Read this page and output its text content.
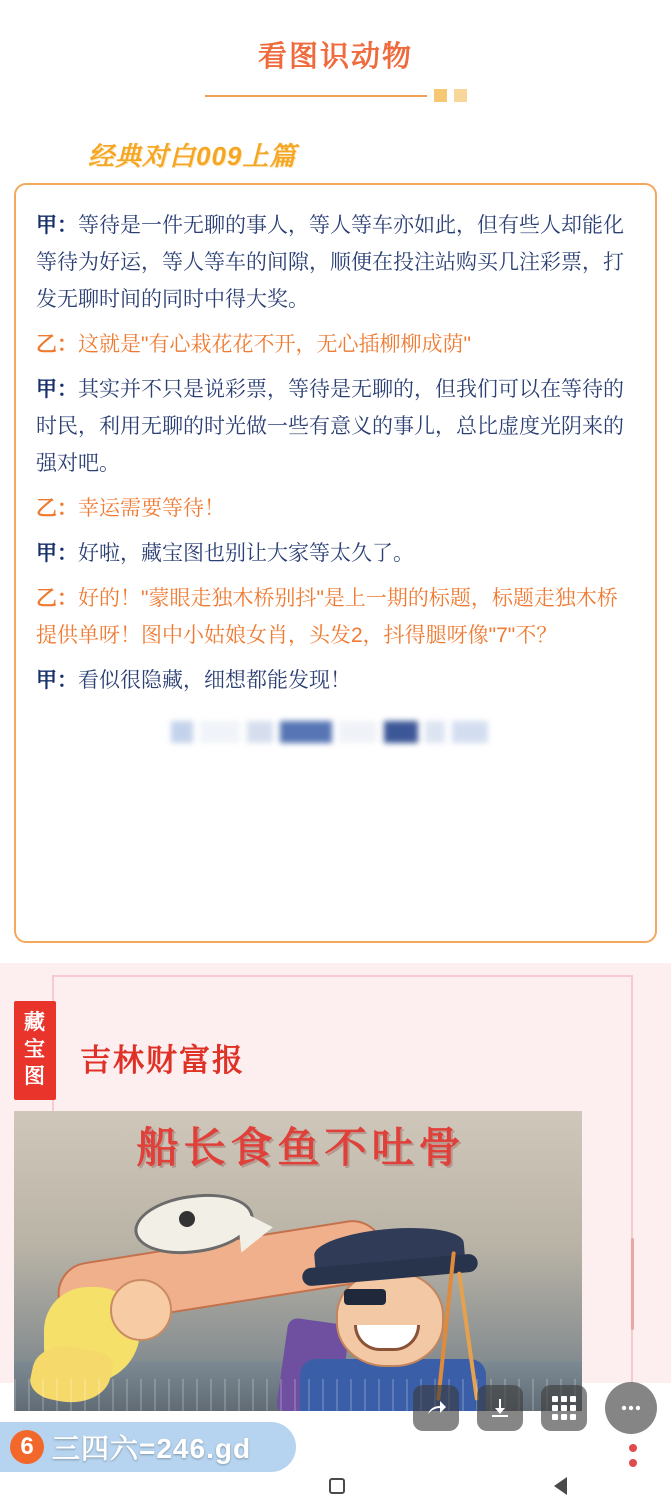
看图识动物
经典对白009上篇

甲：等待是一件无聊的事人，等人等车亦如此，但有些人却能化等待为好运，等人等车的间隙，顺便在投注站购买几注彩票，打发无聊时间的同时中得大奖。

乙：这就是"有心栽花花不开，无心插柳柳成荫"

甲：其实并不只是说彩票，等待是无聊的，但我们可以在等待的时民，利用无聊的时光做一些有意义的事儿，总比虚度光阴来的强对吧。

乙：幸运需要等待！

甲：好啦，藏宝图也别让大家等太久了。

乙：好的！"蒙眼走独木桥别抖"是上一期的标题，标题走独木桥提供单呀！图中小姑娘女肖，头发2，抖得腿呀像"7"不？

甲：看似很隐藏，细想都能发现！

藏宝图	吉林财富报
船长食鱼不吐骨
6 三四六=246.gd
